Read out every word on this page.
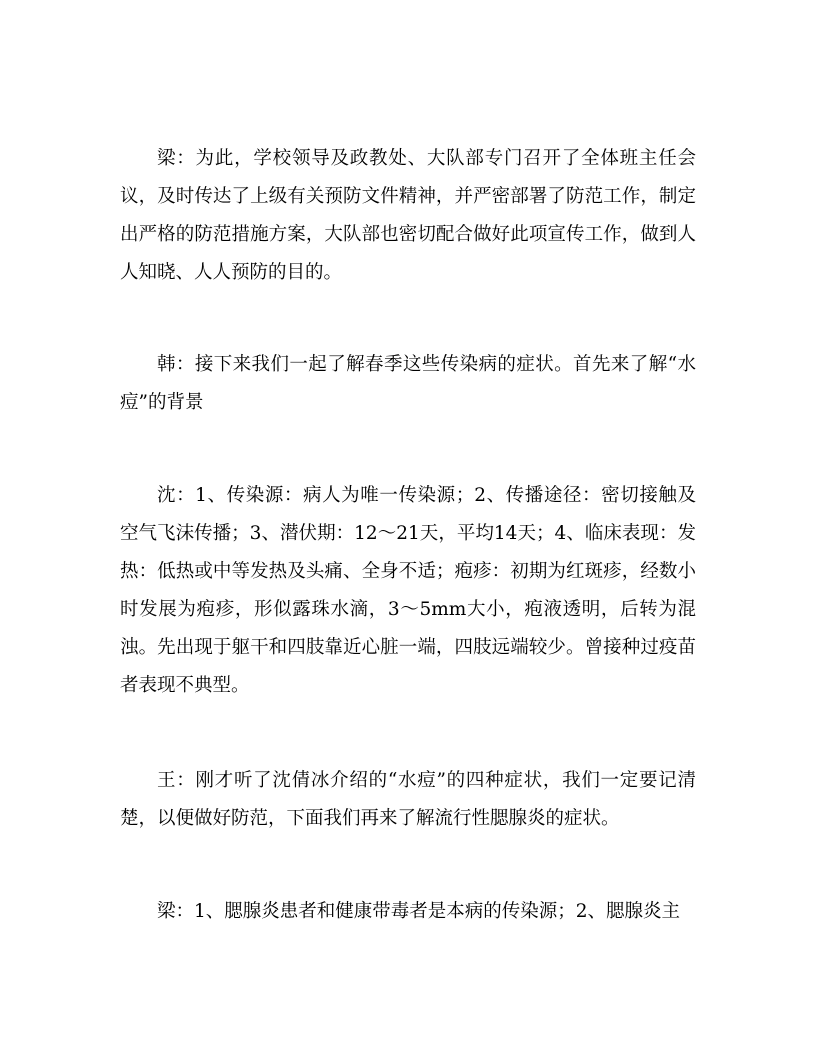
梁：为此，学校领导及政教处、大队部专门召开了全体班主任会议，及时传达了上级有关预防文件精神，并严密部署了防范工作，制定出严格的防范措施方案，大队部也密切配合做好此项宣传工作，做到人人知晓、人人预防的目的。

韩：接下来我们一起了解春季这些传染病的症状。首先来了解“水痘”的背景

沈：1、传染源：病人为唯一传染源；2、传播途径：密切接触及空气飞沫传播；3、潜伏期：12～21天，平均14天；4、临床表现：发热：低热或中等发热及头痛、全身不适；疱疹：初期为红斑疹，经数小时发展为疱疹，形似露珠水滴，3～5mm大小，疱液透明，后转为混浊。先出现于躯干和四肢靠近心脏一端，四肢远端较少。曾接种过疫苗者表现不典型。

王：刚才听了沈倩冰介绍的“水痘”的四种症状，我们一定要记清楚，以便做好防范，下面我们再来了解流行性腮腺炎的症状。

梁：1、腮腺炎患者和健康带毒者是本病的传染源；2、腮腺炎主
